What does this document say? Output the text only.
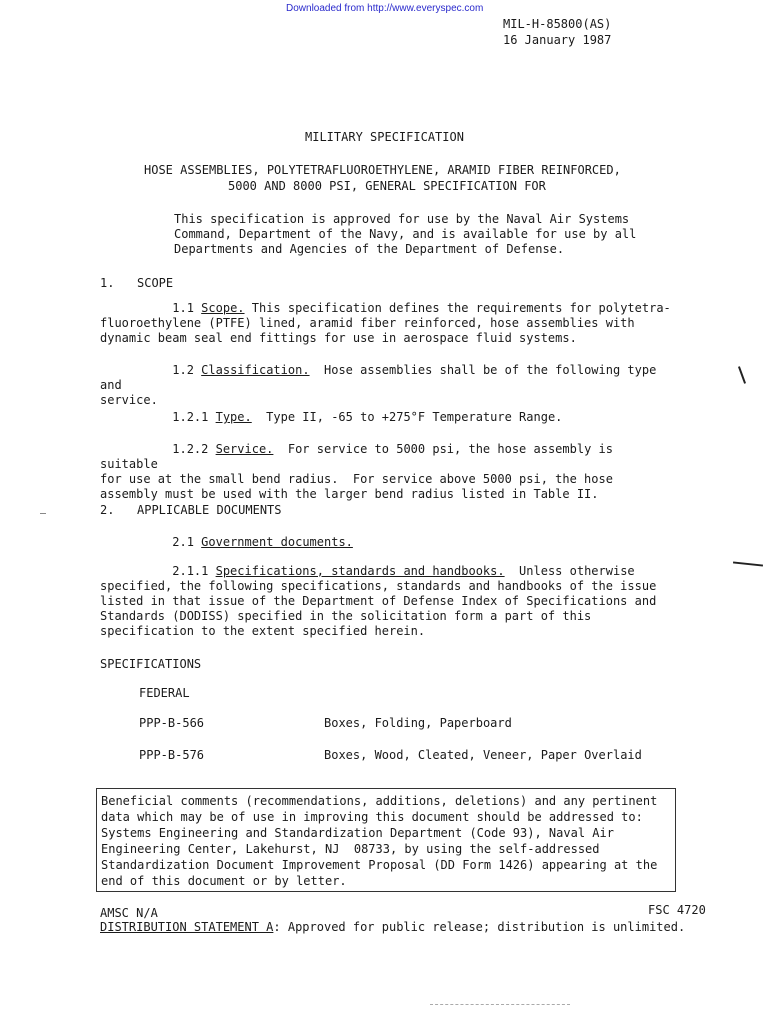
Downloaded from http://www.everyspec.com
MIL-H-85800(AS)
16 January 1987
MILITARY SPECIFICATION
HOSE ASSEMBLIES, POLYTETRAFLUOROETHYLENE, ARAMID FIBER REINFORCED,
5000 AND 8000 PSI, GENERAL SPECIFICATION FOR
This specification is approved for use by the Naval Air Systems
Command, Department of the Navy, and is available for use by all
Departments and Agencies of the Department of Defense.
1. SCOPE
1.1 Scope. This specification defines the requirements for polytetra-
fluoroethylene (PTFE) lined, aramid fiber reinforced, hose assemblies with
dynamic beam seal end fittings for use in aerospace fluid systems.
1.2 Classification.  Hose assemblies shall be of the following type and
service.
1.2.1 Type.  Type II, -65 to +275°F Temperature Range.
1.2.2 Service.  For service to 5000 psi, the hose assembly is suitable
for use at the small bend radius.  For service above 5000 psi, the hose
assembly must be used with the larger bend radius listed in Table II.
2. APPLICABLE DOCUMENTS
2.1 Government documents.
2.1.1 Specifications, standards and handbooks.  Unless otherwise
specified, the following specifications, standards and handbooks of the issue
listed in that issue of the Department of Defense Index of Specifications and
Standards (DODISS) specified in the solicitation form a part of this
specification to the extent specified herein.
SPECIFICATIONS
FEDERAL
PPP-B-566	Boxes, Folding, Paperboard
PPP-B-576	Boxes, Wood, Cleated, Veneer, Paper Overlaid
Beneficial comments (recommendations, additions, deletions) and any pertinent
data which may be of use in improving this document should be addressed to:
Systems Engineering and Standardization Department (Code 93), Naval Air
Engineering Center, Lakehurst, NJ  08733, by using the self-addressed
Standardization Document Improvement Proposal (DD Form 1426) appearing at the
end of this document or by letter.
AMSC N/A	FSC 4720
DISTRIBUTION STATEMENT A: Approved for public release; distribution is unlimited.
